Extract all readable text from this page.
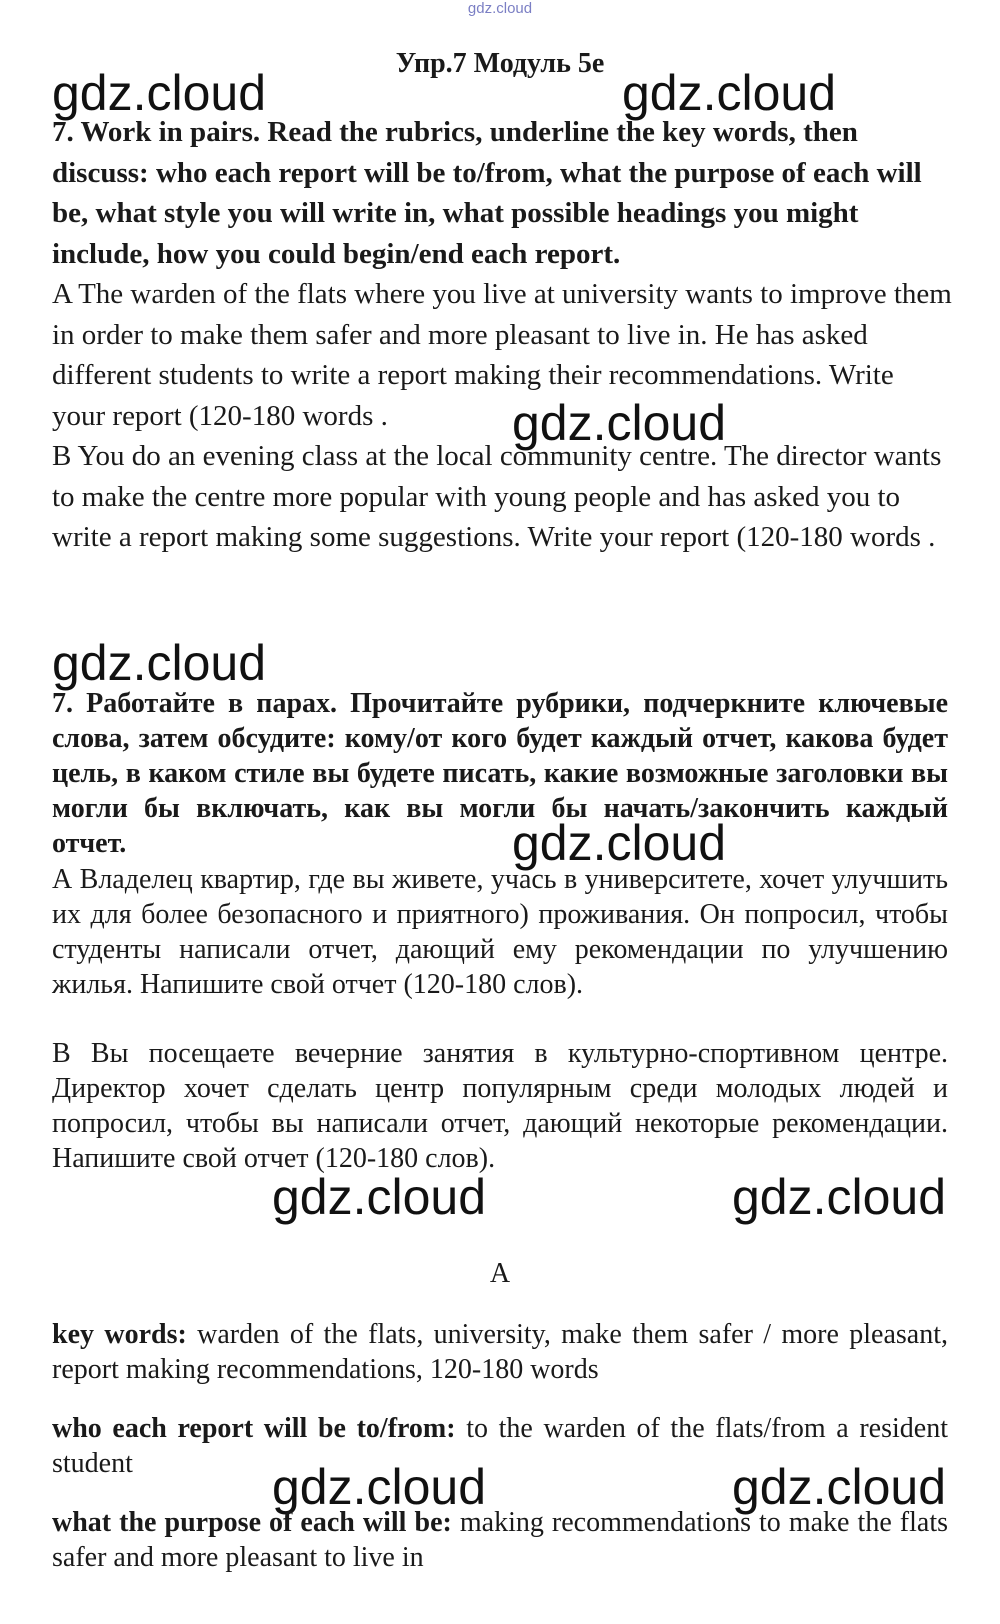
gdz.cloud
Упр.7 Модуль 5е
gdz.cloud	gdz.cloud
gdz.cloud
gdz.cloud
gdz.cloud
gdz.cloud	gdz.cloud
gdz.cloud	gdz.cloud

7. Work in pairs. Read the rubrics, underline the key words, then discuss: who each report will be to/from, what the purpose of each will be, what style you will write in, what possible headings you might include, how you could begin/end each report.

A The warden of the flats where you live at university wants to improve them in order to make them safer and more pleasant to live in. He has asked different students to write a report making their recommendations. Write your report (120-180 words .

B You do an evening class at the local community centre. The director wants to make the centre more popular with young people and has asked you to write a report making some suggestions. Write your report (120-180 words .

7. Работайте в парах. Прочитайте рубрики, подчеркните ключевые слова, затем обсудите: кому/от кого будет каждый отчет, какова будет цель, в каком стиле вы будете писать, какие возможные заголовки вы могли бы включать, как вы могли бы начать/закончить каждый отчет.

А Владелец квартир, где вы живете, учась в университете, хочет улучшить их для более безопасного и приятного) проживания. Он попросил, чтобы студенты написали отчет, дающий ему рекомендации по улучшению жилья. Напишите свой отчет (120-180 слов).

В Вы посещаете вечерние занятия в культурно-спортивном центре. Директор хочет сделать центр популярным среди молодых людей и попросил, чтобы вы написали отчет, дающий некоторые рекомендации. Напишите свой отчет (120-180 слов).

A

key words: warden of the flats, university, make them safer / more pleasant, report making recommendations, 120-180 words

who each report will be to/from: to the warden of the flats/from a resident student

what the purpose of each will be: making recommendations to make the flats safer and more pleasant to live in
